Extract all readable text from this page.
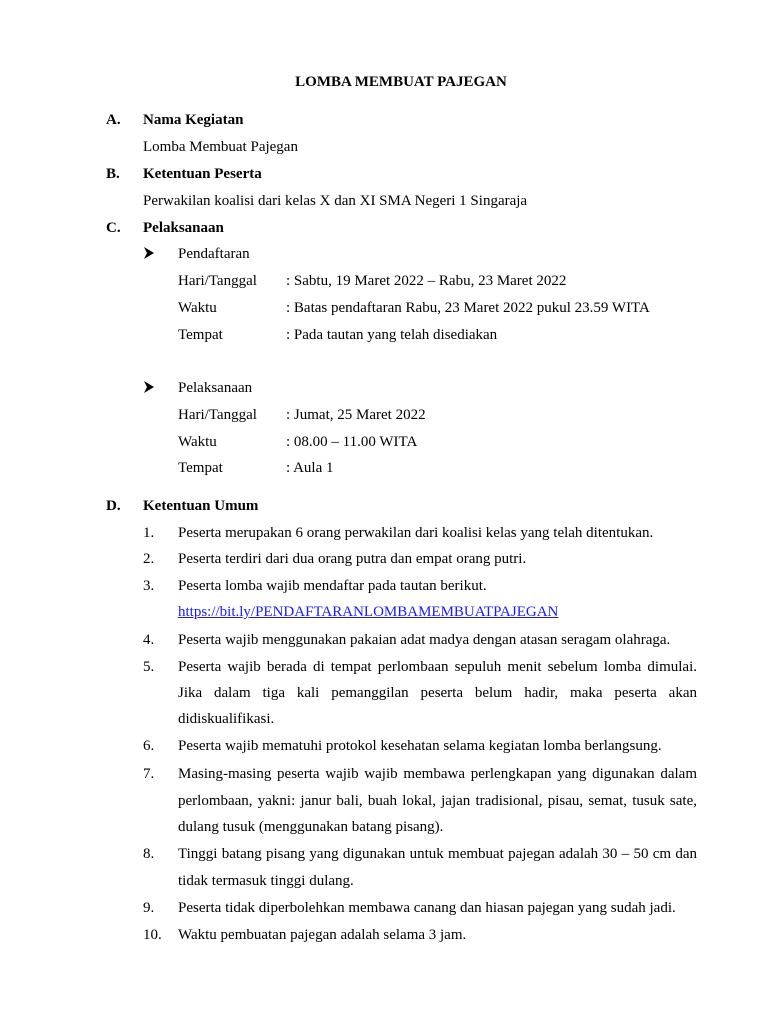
LOMBA MEMBUAT PAJEGAN
A. Nama Kegiatan
Lomba Membuat Pajegan
B. Ketentuan Peserta
Perwakilan koalisi dari kelas X dan XI SMA Negeri 1 Singaraja
C. Pelaksanaan
Pendaftaran
Hari/Tanggal : Sabtu, 19 Maret 2022 – Rabu, 23 Maret 2022
Waktu	: Batas pendaftaran Rabu, 23 Maret 2022 pukul 23.59 WITA
Tempat	: Pada tautan yang telah disediakan
Pelaksanaan
Hari/Tanggal : Jumat, 25 Maret 2022
Waktu	: 08.00 – 11.00 WITA
Tempat	: Aula 1
D. Ketentuan Umum
1. Peserta merupakan 6 orang perwakilan dari koalisi kelas yang telah ditentukan.
2. Peserta terdiri dari dua orang putra dan empat orang putri.
3. Peserta lomba wajib mendaftar pada tautan berikut.
https://bit.ly/PENDAFTARANLOMBAMEMBUATPAJEGAN
4. Peserta wajib menggunakan pakaian adat madya dengan atasan seragam olahraga.
5. Peserta wajib berada di tempat perlombaan sepuluh menit sebelum lomba dimulai.
Jika dalam tiga kali pemanggilan peserta belum hadir, maka peserta akan
didiskualifikasi.
6. Peserta wajib mematuhi protokol kesehatan selama kegiatan lomba berlangsung.
7. Masing-masing peserta wajib wajib membawa perlengkapan yang digunakan dalam
perlombaan, yakni: janur bali, buah lokal, jajan tradisional, pisau, semat, tusuk sate,
dulang tusuk (menggunakan batang pisang).
8. Tinggi batang pisang yang digunakan untuk membuat pajegan adalah 30 – 50 cm dan
tidak termasuk tinggi dulang.
9. Peserta tidak diperbolehkan membawa canang dan hiasan pajegan yang sudah jadi.
10. Waktu pembuatan pajegan adalah selama 3 jam.
